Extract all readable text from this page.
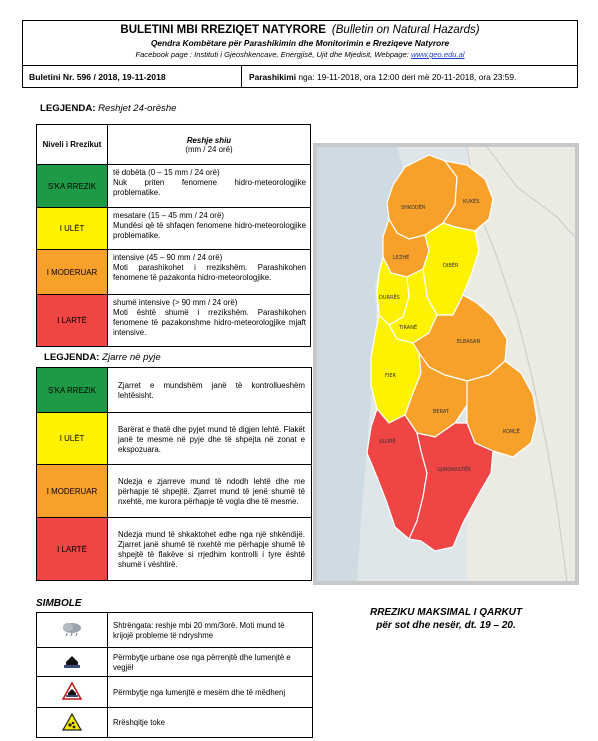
BULETINI MBI RREZIQET NATYRORE (Bulletin on Natural Hazards)
Qendra Kombëtare për Parashikimin dhe Monitorimin e Rreziqeve Natyrore
Facebook page : Instituti i Gjeoshkencave, Energjisë, Ujit dhe Mjedisit, Webpage: www.geo.edu.al
Buletini Nr. 596 / 2018, 19-11-2018	Parashikimi nga: 19-11-2018, ora 12:00 deri më 20-11-2018, ora 23:59.
LEGJENDA: Reshjet 24-orëshe
Niveli i Rrezikut	Reshje shiu
(mm / 24 orë)

S'KA RREZIK	të dobëta (0 – 15 mm / 24 orë)
Nuk priten fenomene hidro-meteorologjike problematike.
I ULËT	mesatare (15 – 45 mm / 24 orë)
Mundësi që të shfaqen fenomene hidro-meteorologjike problematike.
I MODERUAR	intensive (45 – 90 mm / 24 orë)
Moti parashikohet i rrezikshëm. Parashikohen fenomene të pazakonta hidro-meteorologjike.
I LARTË	shumë intensive (> 90 mm / 24 orë)
Moti është shumë i rrezikshëm. Parashikohen fenomene të pazakonshme hidro-meteorologjike mjaft intensive.
LEGJENDA: Zjarre në pyje
S'KA RREZIK	Zjarret e mundshëm janë të kontrollueshëm lehtësisht.
I ULËT	Barërat e thatë dhe pyjet mund të digjen lehtë. Flakët janë te mesme në pyje dhe të shpejta në zonat e ekspozuara.
I MODERUAR	Ndezja e zjarreve mund të ndodh lehtë dhe me përhapje të shpejtë. Zjarret mund të jenë shumë të nxehtë, me kurora përhapje të vogla dhe të mesme.
I LARTË	Ndezja mund të shkaktohet edhe nga një shkëndijë. Zjarret janë shumë të nxehtë me përhapje shumë të shpejtë të flakëve si rrjedhim kontrolli i tyre është shumë i vështirë.
SHKODËR
KUKËS
LEZHË
DIBËR
DURRËS
TIRANË
ELBASAN
FIER
BERAT
KORÇË
VLORË
GJIROKASTËR
SIMBOLE
	Shtrëngata: reshje mbi 20 mm/3orë. Moti mund të krijojë probleme të ndryshme
	Përmbytje urbane ose nga përrenjtë dhe lumenjtë e vegjël
	Përmbytje nga lumenjtë e mesëm dhe të mëdhenj
	Rrëshqitje toke
RREZIKU MAKSIMAL I QARKUT
për sot dhe nesër, dt. 19 – 20.
